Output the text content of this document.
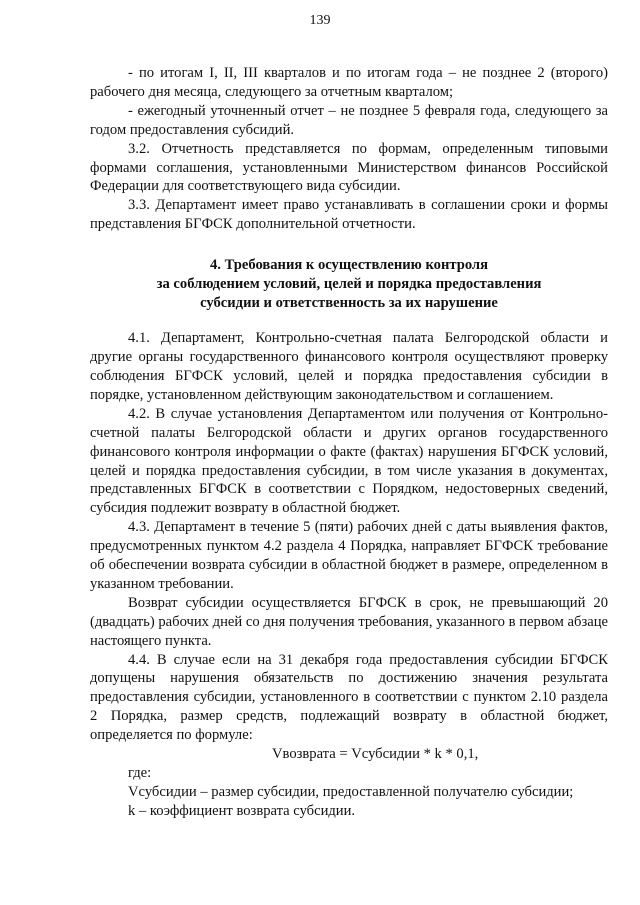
139

- по итогам I, II, III кварталов и по итогам года – не позднее 2 (второго) рабочего дня месяца, следующего за отчетным кварталом;

- ежегодный уточненный отчет – не позднее 5 февраля года, следующего за годом предоставления субсидий.

3.2. Отчетность представляется по формам, определенным типовыми формами соглашения, установленными Министерством финансов Российской Федерации для соответствующего вида субсидии.

3.3. Департамент имеет право устанавливать в соглашении сроки и формы представления БГФСК дополнительной отчетности.

4. Требования к осуществлению контроля
за соблюдением условий, целей и порядка предоставления
субсидии и ответственность за их нарушение

4.1. Департамент, Контрольно-счетная палата Белгородской области и другие органы государственного финансового контроля осуществляют проверку соблюдения БГФСК условий, целей и порядка предоставления субсидии в порядке, установленном действующим законодательством и соглашением.

4.2. В случае установления Департаментом или получения от Контрольно-счетной палаты Белгородской области и других органов государственного финансового контроля информации о факте (фактах) нарушения БГФСК условий, целей и порядка предоставления субсидии, в том числе указания в документах, представленных БГФСК в соответствии с Порядком, недостоверных сведений, субсидия подлежит возврату в областной бюджет.

4.3. Департамент в течение 5 (пяти) рабочих дней с даты выявления фактов, предусмотренных пунктом 4.2 раздела 4 Порядка, направляет БГФСК требование об обеспечении возврата субсидии в областной бюджет в размере, определенном в указанном требовании.

Возврат субсидии осуществляется БГФСК в срок, не превышающий 20 (двадцать) рабочих дней со дня получения требования, указанного в первом абзаце настоящего пункта.

4.4. В случае если на 31 декабря года предоставления субсидии БГФСК допущены нарушения обязательств по достижению значения результата предоставления субсидии, установленного в соответствии с пунктом 2.10 раздела 2 Порядка, размер средств, подлежащий возврату в областной бюджет, определяется по формуле:

Vвозврата = Vсубсидии * k * 0,1,

где:

Vсубсидии – размер субсидии, предоставленной получателю субсидии;

k – коэффициент возврата субсидии.
